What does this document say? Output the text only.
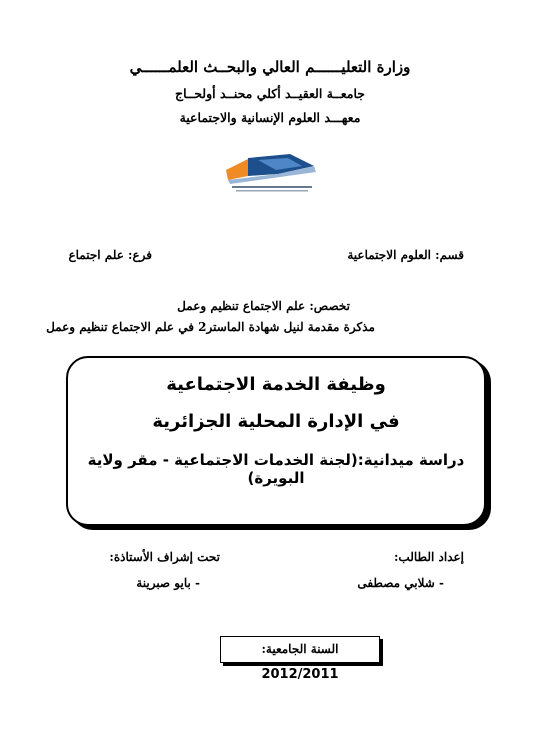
وزارة التعليــــــم العالي والبحــث العلمــــــي
جامعــة العقيــد أكلي محنــد أولحــاج
معهـــد العلوم الإنسانية والاجتماعية
قسم: العلوم الاجتماعية
فرع: علم اجتماع
تخصص: علم الاجتماع تنظيم وعمل
مذكرة مقدمة لنيل شهادة الماستر2 في علم الاجتماع تنظيم وعمل
وظيفة الخدمة الاجتماعية
في الإدارة المحلية الجزائرية
دراسة ميدانية:(لجنة الخدمات الاجتماعية - مقر ولاية البويرة)
إعداد الطالب:
- شلابي مصطفى
تحت إشراف الأستاذة:
- بايو صبرينة
السنة الجامعية: 2012/2011
